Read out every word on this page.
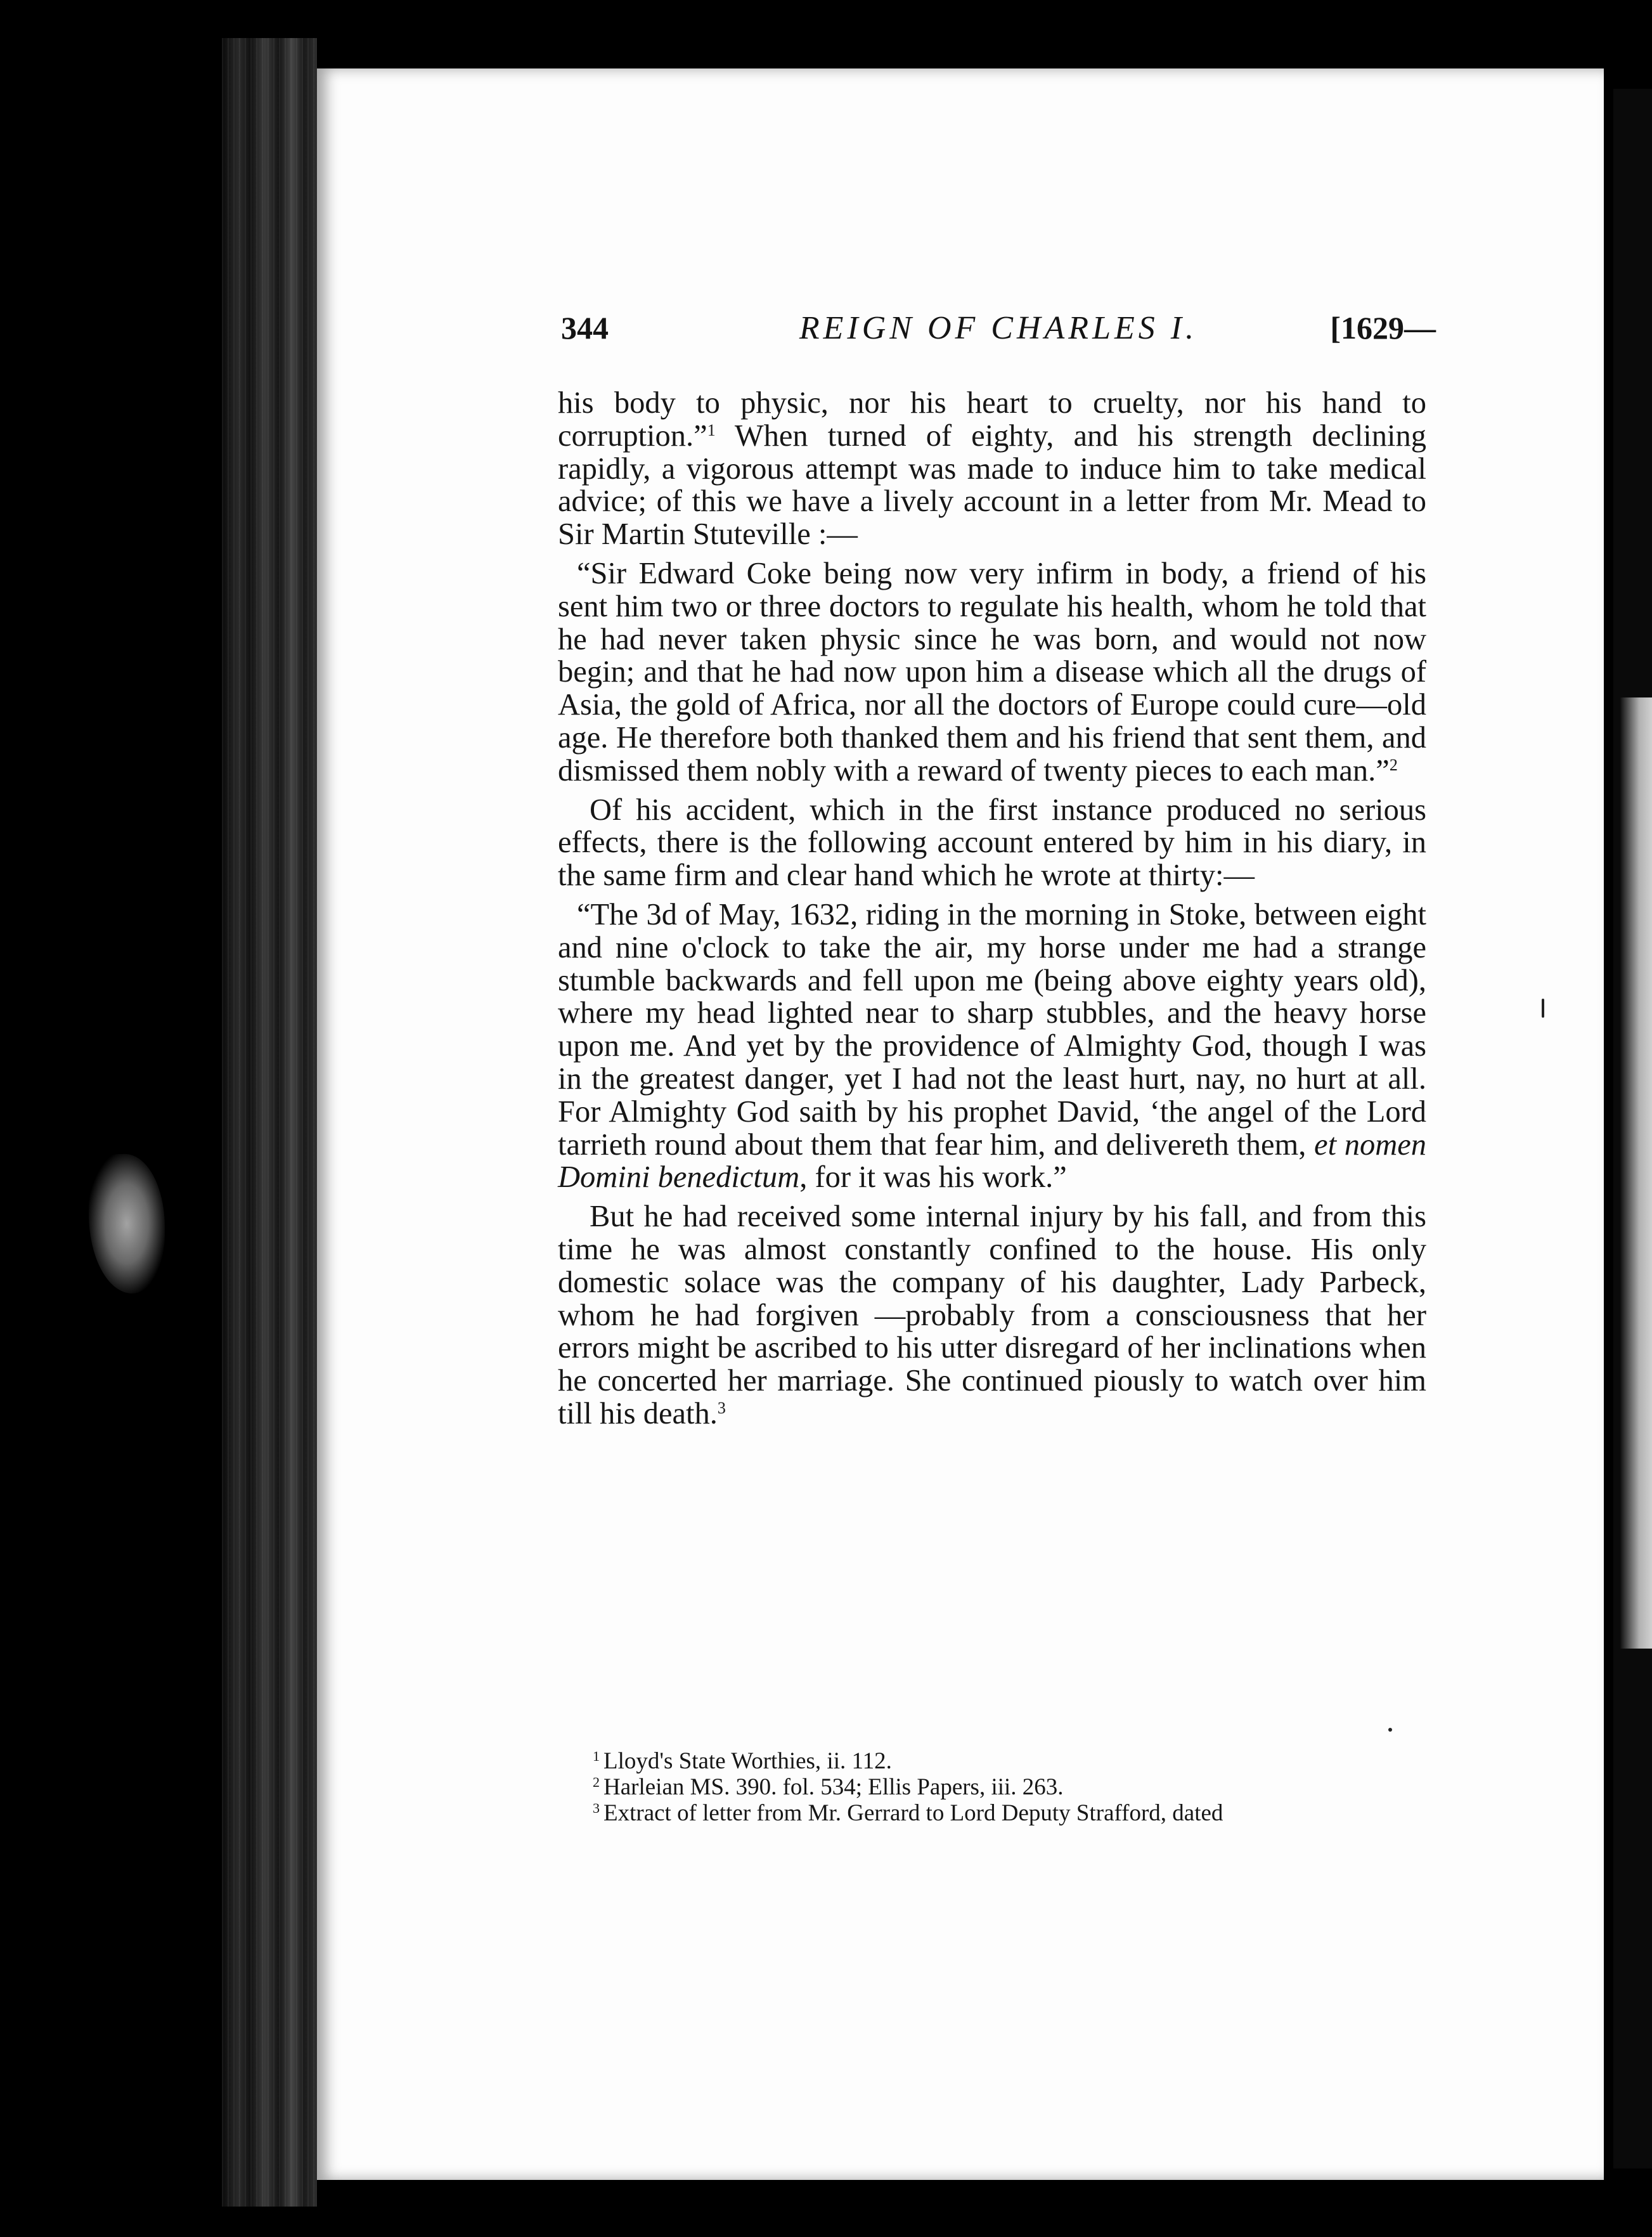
344	REIGN OF CHARLES I.	[1629—

his body to physic, nor his heart to cruelty, nor his hand to corruption.”$^1$ When turned of eighty, and his strength declining rapidly, a vigorous attempt was made to induce him to take medical advice; of this we have a lively account in a letter from Mr. Mead to Sir Martin Stuteville :—

“Sir Edward Coke being now very infirm in body, a friend of his sent him two or three doctors to regulate his health, whom he told that he had never taken physic since he was born, and would not now begin; and that he had now upon him a disease which all the drugs of Asia, the gold of Africa, nor all the doctors of Europe could cure—old age. He therefore both thanked them and his friend that sent them, and dismissed them nobly with a reward of twenty pieces to each man.”$^2$

Of his accident, which in the first instance produced no serious effects, there is the following account entered by him in his diary, in the same firm and clear hand which he wrote at thirty:—

“The 3d of May, 1632, riding in the morning in Stoke, between eight and nine o'clock to take the air, my horse under me had a strange stumble backwards and fell upon me (being above eighty years old), where my head lighted near to sharp stubbles, and the heavy horse upon me. And yet by the providence of Almighty God, though I was in the greatest danger, yet I had not the least hurt, nay, no hurt at all. For Almighty God saith by his prophet David, ‘the angel of the Lord tarrieth round about them that fear him, and delivereth them, et nomen Domini benedictum, for it was his work.”

But he had received some internal injury by his fall, and from this time he was almost constantly confined to the house. His only domestic solace was the company of his daughter, Lady Parbeck, whom he had forgiven —probably from a consciousness that her errors might be ascribed to his utter disregard of her inclinations when he concerted her marriage. She continued piously to watch over him till his death.$^3$

$^1$ Lloyd's State Worthies, ii. 112.
$^2$ Harleian MS. 390. fol. 534; Ellis Papers, iii. 263.
$^3$ Extract of letter from Mr. Gerrard to Lord Deputy Strafford, dated
